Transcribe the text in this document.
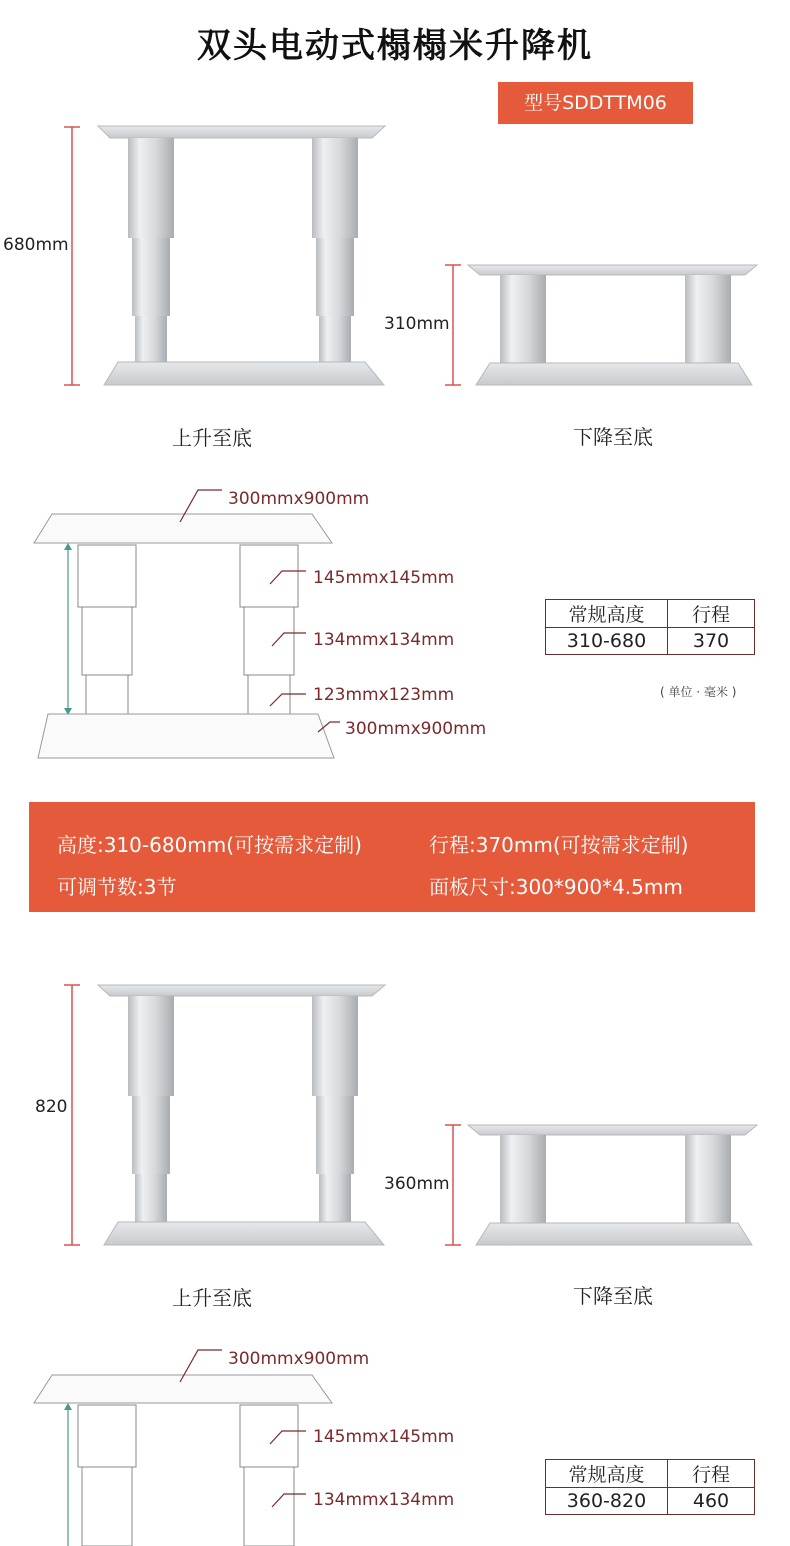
双头电动式榻榻米升降机
型号SDDTTM06
680mm
310mm
上升至底	下降至底
300mmx900mm
145mmx145mm
134mmx134mm
123mmx123mm
300mmx900mm
常规高度	行程
310-680	370
( 单位 · 毫米 )
高度:310-680mm(可按需求定制)	行程:370mm(可按需求定制)
可调节数:3节	面板尺寸:300*900*4.5mm
820
360mm
上升至底	下降至底
300mmx900mm
145mmx145mm
134mmx134mm
常规高度	行程
360-820	460
